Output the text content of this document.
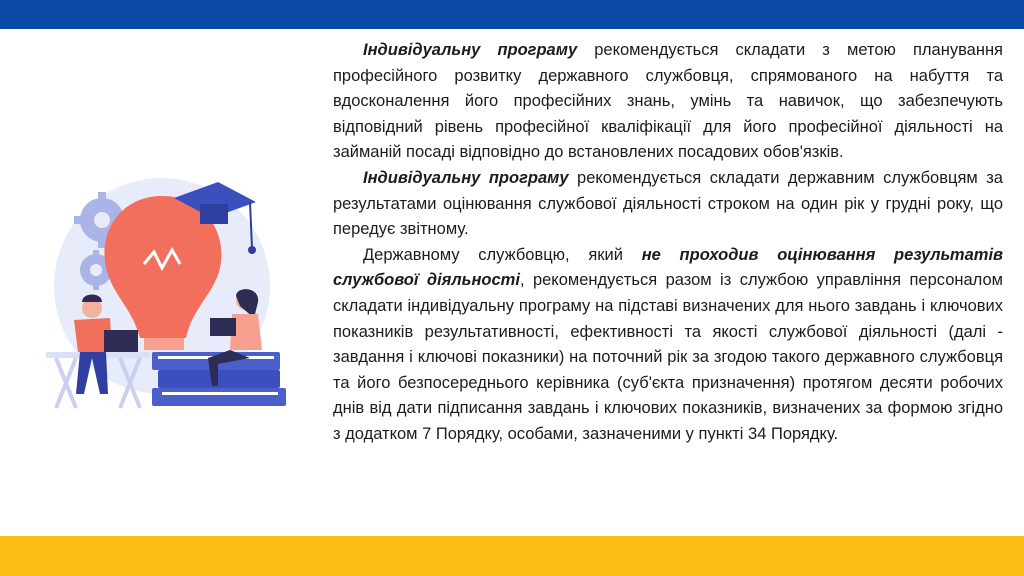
Індивідуальну програму рекомендується складати з метою планування професійного розвитку державного службовця, спрямованого на набуття та вдосконалення його професійних знань, умінь та навичок, що забезпечують відповідний рівень професійної кваліфікації для його професійної діяльності на займаній посаді відповідно до встановлених посадових обов'язків.

Індивідуальну програму рекомендується складати державним службовцям за результатами оцінювання службової діяльності строком на один рік у грудні року, що передує звітному.

Державному службовцю, який не проходив оцінювання результатів службової діяльності, рекомендується разом із службою управління персоналом складати індивідуальну програму на підставі визначених для нього завдань і ключових показників результативності, ефективності та якості службової діяльності (далі - завдання і ключові показники) на поточний рік за згодою такого державного службовця та його безпосереднього керівника (суб'єкта призначення) протягом десяти робочих днів від дати підписання завдань і ключових показників, визначених за формою згідно з додатком 7 Порядку, особами, зазначеними у пункті 34 Порядку.
